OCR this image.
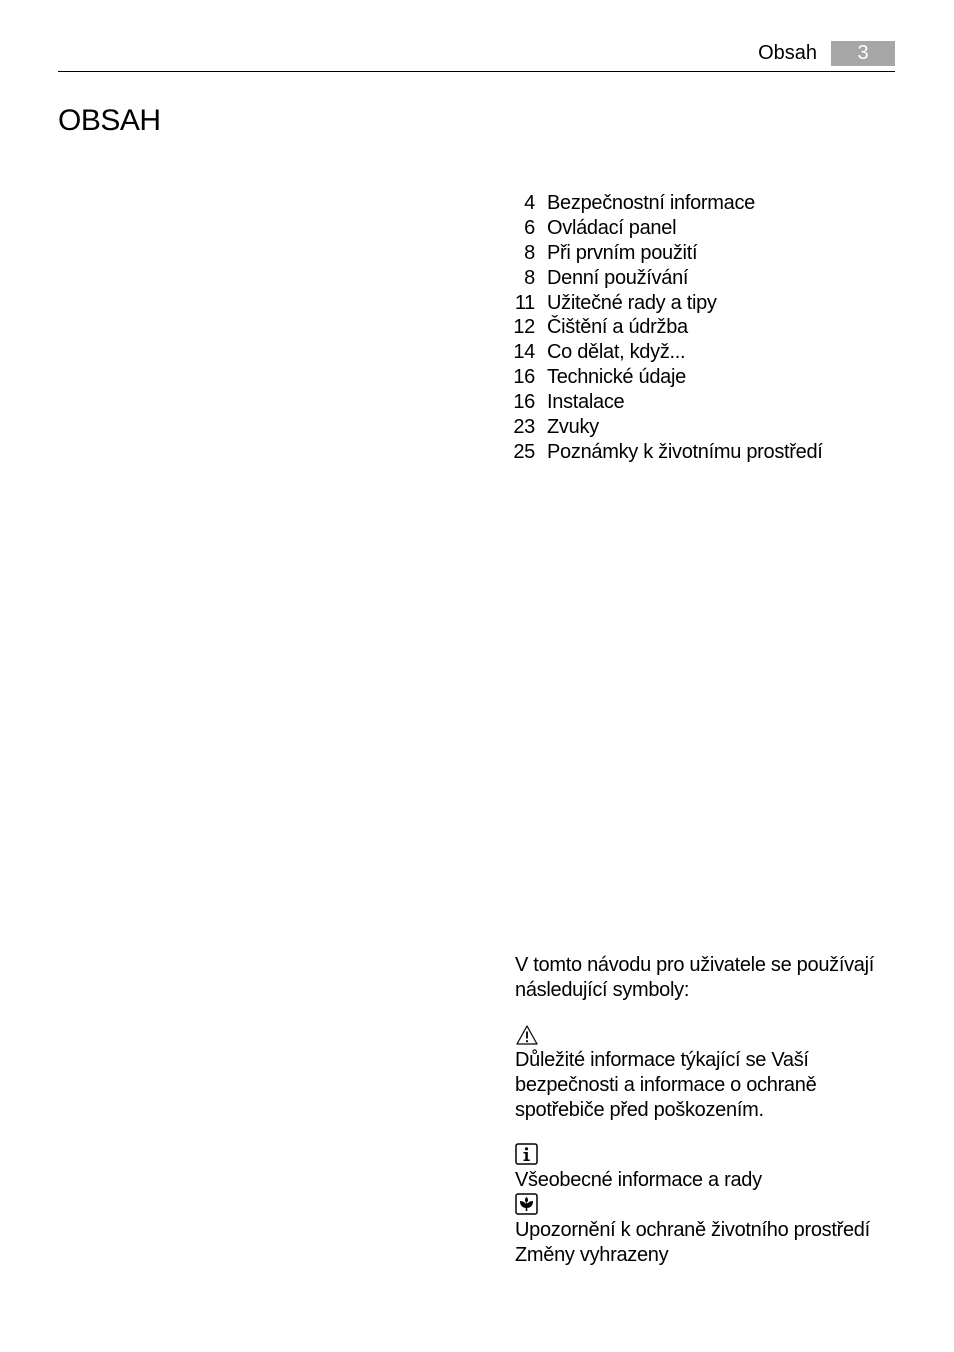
Obsah	3
OBSAH
4 Bezpečnostní informace
6 Ovládací panel
8 Při prvním použití
8 Denní používání
11 Užitečné rady a tipy
12 Čištění a údržba
14 Co dělat, když...
16 Technické údaje
16 Instalace
23 Zvuky
25 Poznámky k životnímu prostředí

V tomto návodu pro uživatele se používají

následující symboly:

Důležité informace týkající se Vaší

bezpečnosti a informace o ochraně

spotřebiče před poškozením.

Všeobecné informace a rady

Upozornění k ochraně životního prostředí

Změny vyhrazeny
